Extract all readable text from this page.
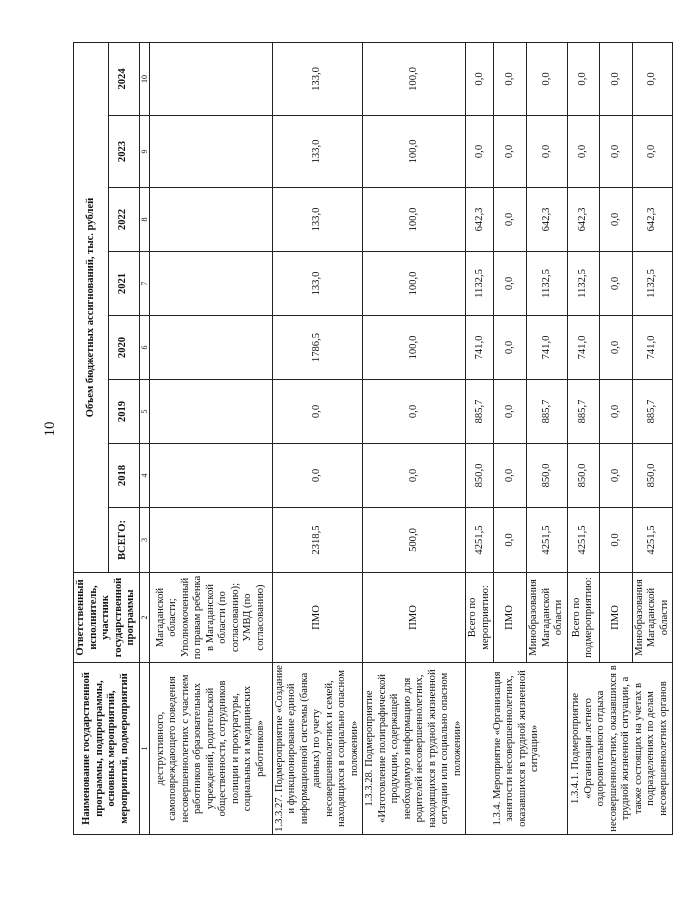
10
Наименование государственной программы, подпрограммы, основных мероприятий, мероприятий, подмероприятий	Ответственный исполнитель, участник государственной программы	Объем бюджетных ассигнований, тыс. рублей							
		ВСЕГО:	2018	2019	2020	2021	2022	2023	2024
1	2	3	4	5	6	7	8	9	10
деструктивного, самоповреждающего поведения несовершеннолетних с участием работников образовательных учреждений, родительской общественности, сотрудников полиции и прокуратуры, социальных и медицинских работников»	Магаданской области; Уполномоченный по правам ребенка в Магаданской области (по согласованию); УМВД (по согласованию)								
1.3.3.27. Подмероприятие «Создание и функционирование единой информационной системы (банка данных) по учету несовершеннолетних и семей, находящихся в социально опасном положении»	ПМО	2318,5	0,0	0,0	1786,5	133,0	133,0	133,0	133,0
1.3.3.28. Подмероприятие «Изготовление полиграфической продукции, содержащей необходимую информацию для родителей несовершеннолетних, находящихся в трудной жизненной ситуации или социально опасном положении»	ПМО	500,0	0,0	0,0	100,0	100,0	100,0	100,0	100,0
1.3.4. Мероприятие «Организация занятости несовершеннолетних, оказавшихся в трудной жизненной ситуации»	Всего по мероприятию:	4251,5	850,0	885,7	741,0	1132,5	642,3	0,0	0,0
	ПМО	0,0	0,0	0,0	0,0	0,0	0,0	0,0	0,0
	Минобразования Магаданской области	4251,5	850,0	885,7	741,0	1132,5	642,3	0,0	0,0
1.3.4.1. Подмероприятие «Организация летнего оздоровительного отдыха несовершеннолетних, оказавшихся в трудной жизненной ситуации, а также состоящих на учетах в подразделениях по делам несовершеннолетних органов	Всего по подмероприятию:	4251,5	850,0	885,7	741,0	1132,5	642,3	0,0	0,0
	ПМО	0,0	0,0	0,0	0,0	0,0	0,0	0,0	0,0
	Минобразования Магаданской области	4251,5	850,0	885,7	741,0	1132,5	642,3	0,0	0,0
